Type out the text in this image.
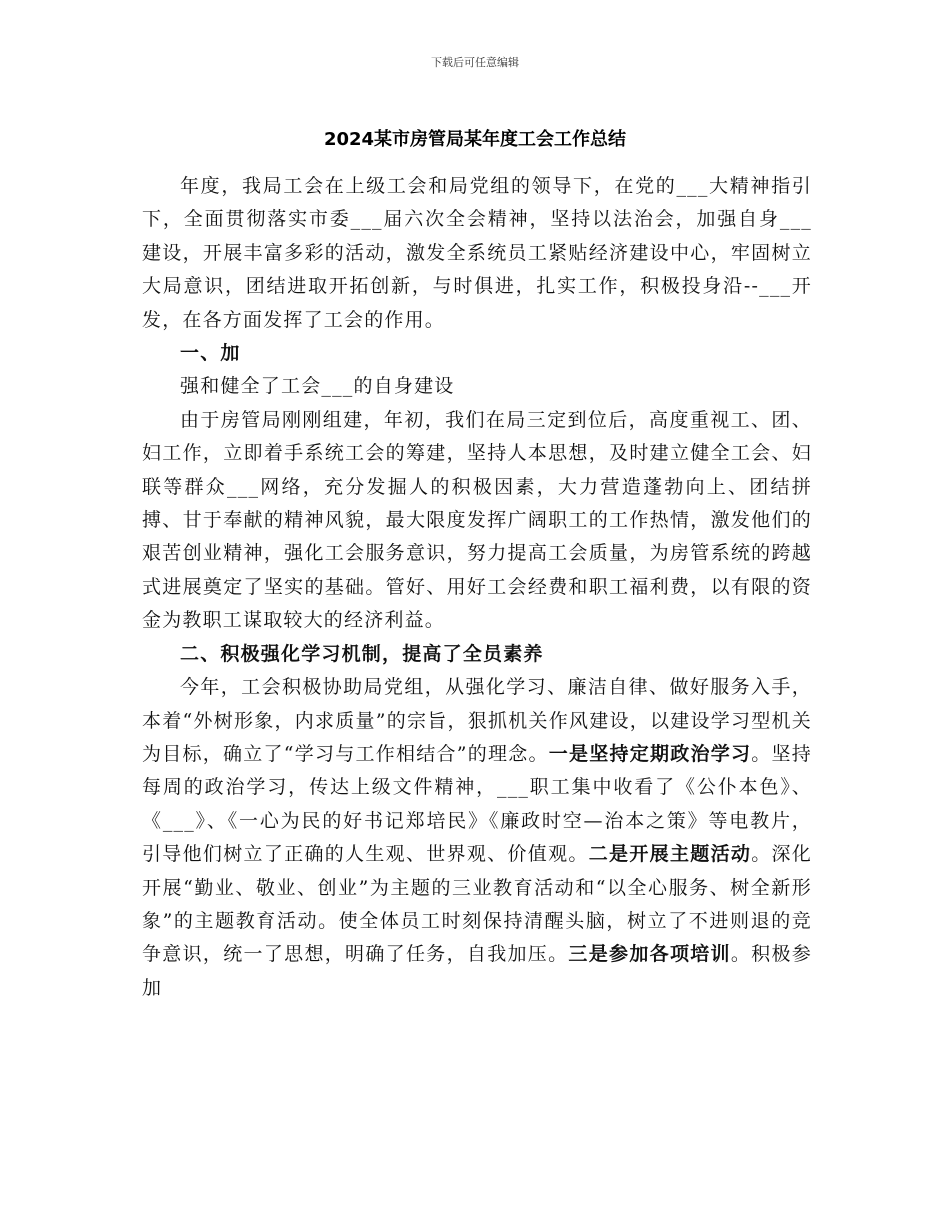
下载后可任意编辑
2024某市房管局某年度工会工作总结

年度，我局工会在上级工会和局党组的领导下，在党的___大精神指引下，全面贯彻落实市委___届六次全会精神，坚持以法治会，加强自身___建设，开展丰富多彩的活动，激发全系统员工紧贴经济建设中心，牢固树立大局意识，团结进取开拓创新，与时俱进，扎实工作，积极投身沿--___开发，在各方面发挥了工会的作用。

一、加

强和健全了工会___的自身建设

由于房管局刚刚组建，年初，我们在局三定到位后，高度重视工、团、妇工作，立即着手系统工会的筹建，坚持人本思想，及时建立健全工会、妇联等群众___网络，充分发掘人的积极因素，大力营造蓬勃向上、团结拼搏、甘于奉献的精神风貌，最大限度发挥广阔职工的工作热情，激发他们的艰苦创业精神，强化工会服务意识，努力提高工会质量，为房管系统的跨越式进展奠定了坚实的基础。管好、用好工会经费和职工福利费，以有限的资金为教职工谋取较大的经济利益。

二、积极强化学习机制，提高了全员素养

今年，工会积极协助局党组，从强化学习、廉洁自律、做好服务入手，本着“外树形象，内求质量”的宗旨，狠抓机关作风建设，以建设学习型机关为目标，确立了“学习与工作相结合”的理念。一是坚持定期政治学习。坚持每周的政治学习，传达上级文件精神，___职工集中收看了《公仆本色》、《___》、《一心为民的好书记郑培民》《廉政时空—治本之策》等电教片，引导他们树立了正确的人生观、世界观、价值观。二是开展主题活动。深化开展“勤业、敬业、创业”为主题的三业教育活动和“以全心服务、树全新形象”的主题教育活动。使全体员工时刻保持清醒头脑，树立了不进则退的竞争意识，统一了思想，明确了任务，自我加压。三是参加各项培训。积极参加
